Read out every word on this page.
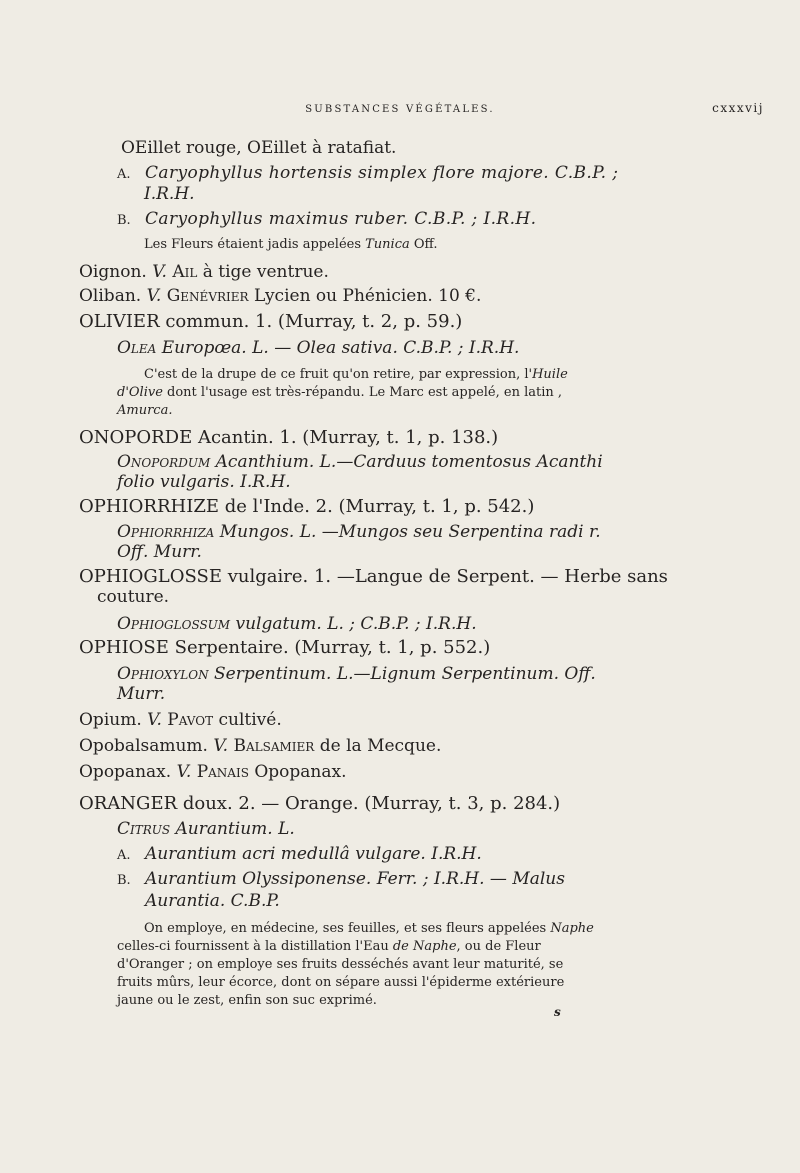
SUBSTANCES VÉGÉTALES.	cxxxvij
OEillet rouge, OEillet à ratafiat.
A. Caryophyllus hortensis simplex flore majore. C.B.P. ;
I.R.H.
B. Caryophyllus maximus ruber. C.B.P. ; I.R.H.
Les Fleurs étaient jadis appelées Tunica Off.
Oignon. V. Ail à tige ventrue.
Oliban. V. Genévrier Lycien ou Phénicien. 10 €.
OLIVIER commun. 1. (Murray, t. 2, p. 59.)
Olea Europœa. L. — Olea sativa. C.B.P. ; I.R.H.
C'est de la drupe de ce fruit qu'on retire, par expression, l'Huile
d'Olive dont l'usage est très-répandu. Le Marc est appelé, en latin ,
Amurca.
ONOPORDE Acantin. 1. (Murray, t. 1, p. 138.)
Onopordum Acanthium. L.—Carduus tomentosus Acanthi
folio vulgaris. I.R.H.
OPHIORRHIZE de l'Inde. 2. (Murray, t. 1, p. 542.)
Ophiorrhiza Mungos. L. —Mungos seu Serpentina radi r.
Off. Murr.
OPHIOGLOSSE vulgaire. 1. —Langue de Serpent. — Herbe sans
couture.
Ophioglossum vulgatum. L. ; C.B.P. ; I.R.H.
OPHIOSE Serpentaire. (Murray, t. 1, p. 552.)
Ophioxylon Serpentinum. L.—Lignum Serpentinum. Off.
Murr.
Opium. V. Pavot cultivé.
Opobalsamum. V. Balsamier de la Mecque.
Opopanax. V. Panais Opopanax.
ORANGER doux. 2. — Orange. (Murray, t. 3, p. 284.)
Citrus Aurantium. L.
A. Aurantium acri medullâ vulgare. I.R.H.
B. Aurantium Olyssiponense. Ferr. ; I.R.H. — Malus
Aurantia. C.B.P.
On employe, en médecine, ses feuilles, et ses fleurs appelées Naphe
celles-ci fournissent à la distillation l'Eau de Naphe, ou de Fleur
d'Oranger ; on employe ses fruits desséchés avant leur maturité, se
fruits mûrs, leur écorce, dont on sépare aussi l'épiderme extérieure
jaune ou le zest, enfin son suc exprimé.
s
